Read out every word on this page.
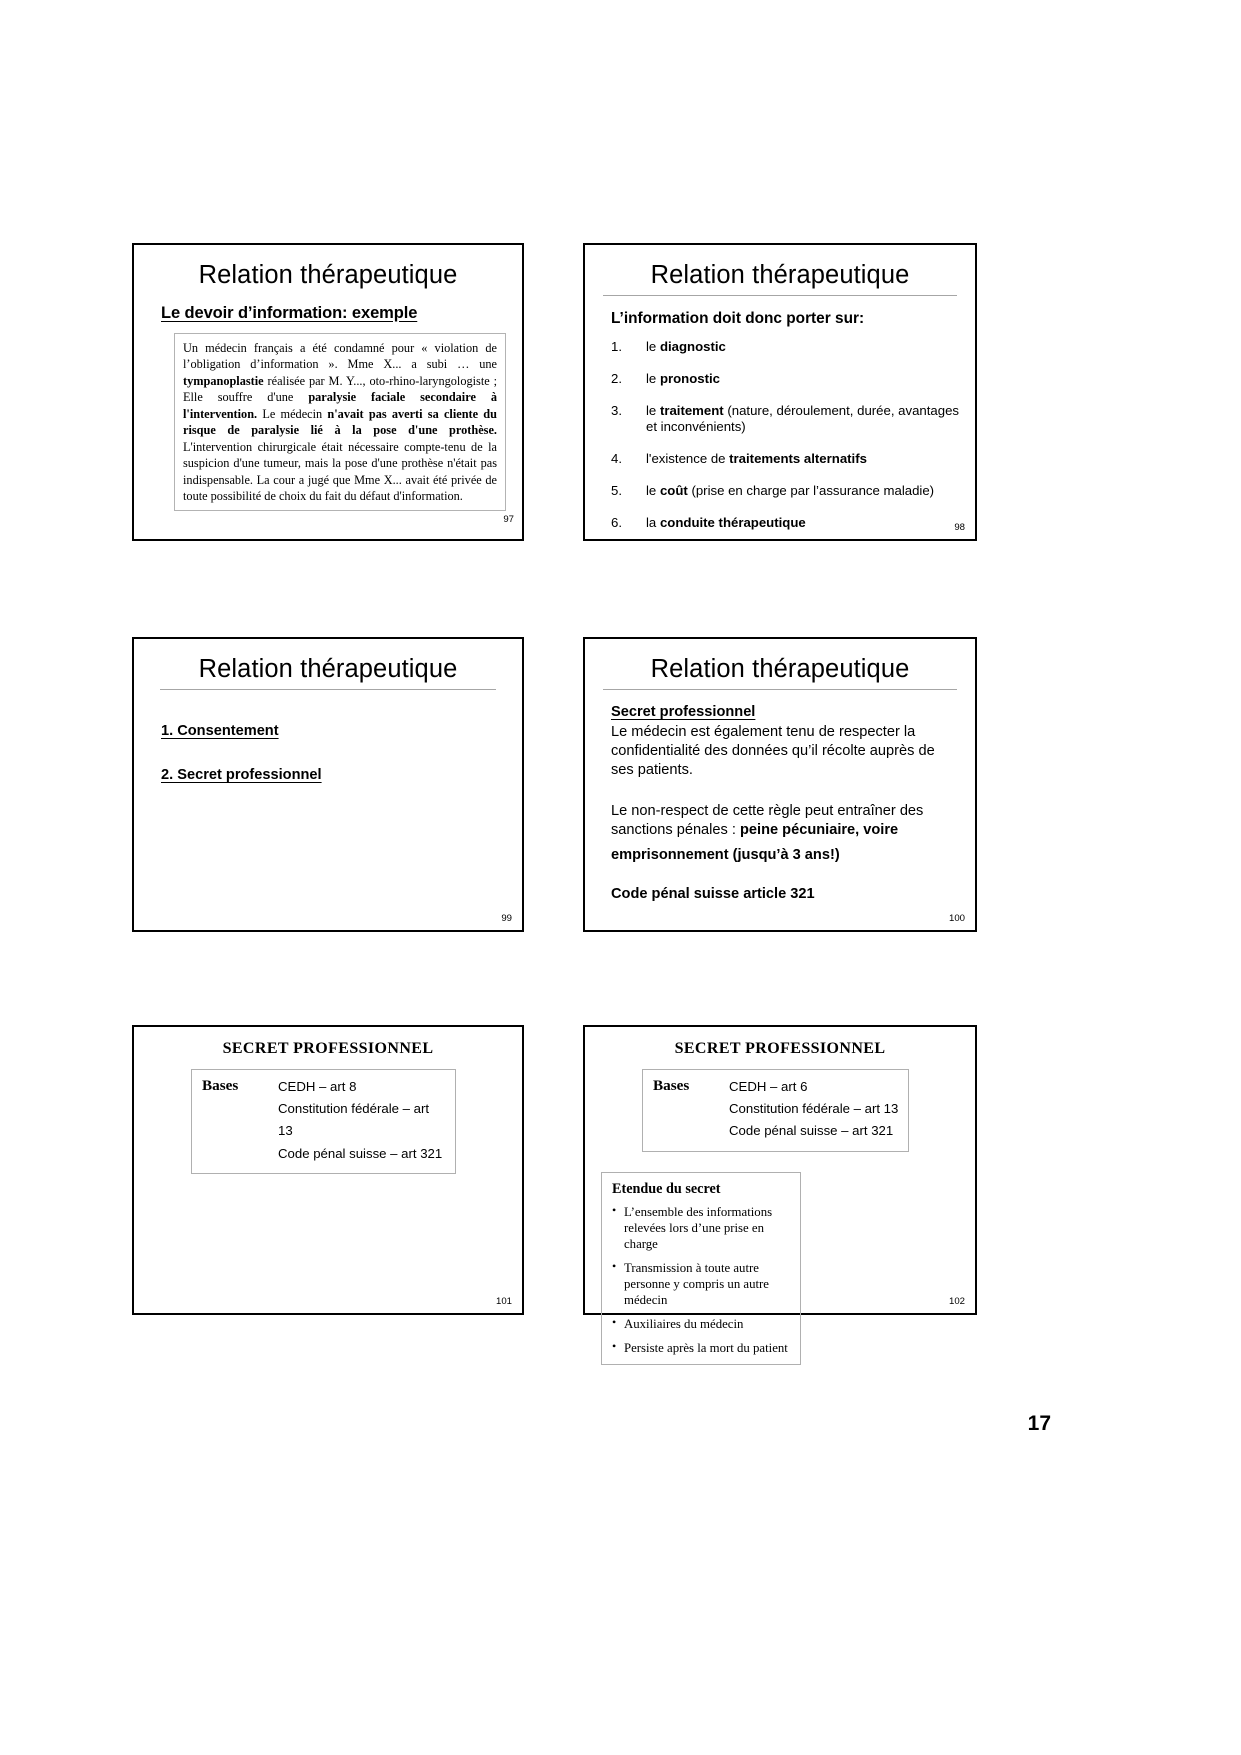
Relation thérapeutique
Le devoir d’information: exemple
Un médecin français a été condamné pour « violation de l’obligation d’information ». Mme X... a subi … une tympanoplastie réalisée par M. Y..., oto-rhino-laryngologiste ; Elle souffre d'une paralysie faciale secondaire à l'intervention. Le médecin n'avait pas averti sa cliente du risque de paralysie lié à la pose d'une prothèse. L'intervention chirurgicale était nécessaire compte-tenu de la suspicion d'une tumeur, mais la pose d'une prothèse n'était pas indispensable. La cour a jugé que Mme X... avait été privée de toute possibilité de choix du fait du défaut d'information.
97
Relation thérapeutique
L’information doit donc porter sur:
1.	le diagnostic
2.	le pronostic
3.	le traitement (nature, déroulement, durée, avantages et inconvénients)
4.	l'existence de traitements alternatifs
5.	le coût (prise en charge par l’assurance maladie)
6.	la conduite thérapeutique	98
Relation thérapeutique
1. Consentement
2. Secret professionnel
99
Relation thérapeutique
Secret professionnel

Le médecin est également tenu de respecter la confidentialité des données qu’il récolte auprès de ses patients.

Le non-respect de cette règle peut entraîner des sanctions pénales : peine pécuniaire, voire

emprisonnement (jusqu’à 3 ans!)

Code pénal suisse article 321

100
SECRET PROFESSIONNEL
Bases	CEDH – art 8
Constitution fédérale – art 13
Code pénal suisse – art 321
101
SECRET PROFESSIONNEL
Bases	CEDH – art 6
Constitution fédérale – art 13
Code pénal suisse – art 321
Etendue du secret
• L’ensemble des informations relevées lors d’une prise en charge
• Transmission à toute autre personne y compris un autre médecin
• Auxiliaires du médecin
• Persiste après la mort du patient
102
17
